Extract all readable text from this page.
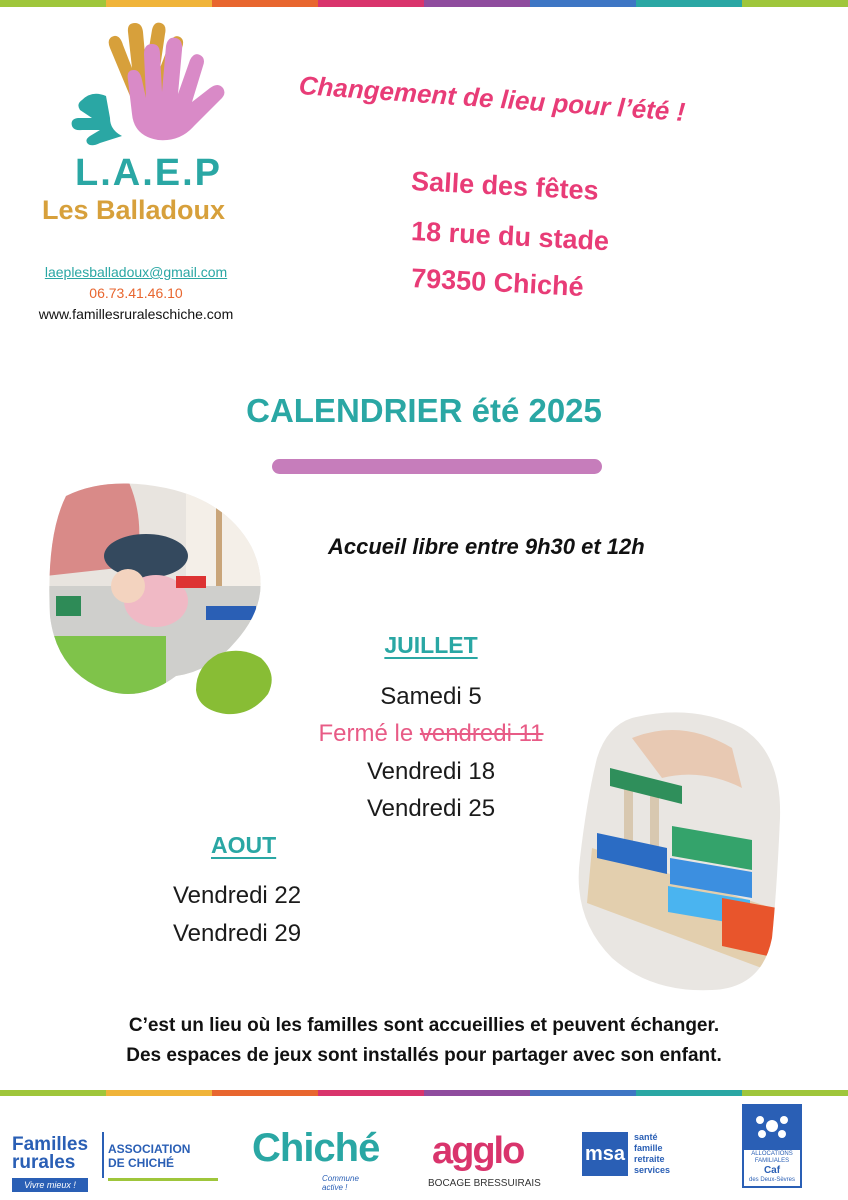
L.A.E.P
Les Balladoux
laeplesballadoux@gmail.com
06.73.41.46.10
www.famillesruraleschiche.com
Changement de lieu pour l’été !
Salle des fêtes
18 rue du stade
79350 Chiché
CALENDRIER été 2025
Accueil libre entre 9h30 et 12h
JUILLET
Samedi 5
Fermé le vendredi 11
Vendredi 18
Vendredi 25
AOUT
Vendredi 22
Vendredi 29
C’est un lieu où les familles sont accueillies et peuvent échanger.
Des espaces de jeux sont installés pour partager avec son enfant.
Familles rurales
Vivre mieux !
ASSOCIATION DE CHICHÉ	Chiché
Commune active !
agglo
BOCAGE BRESSUIRAIS
msa
santé
famille
retraite
services
ALLOCATIONS FAMILIALES
Caf
des Deux-Sèvres
